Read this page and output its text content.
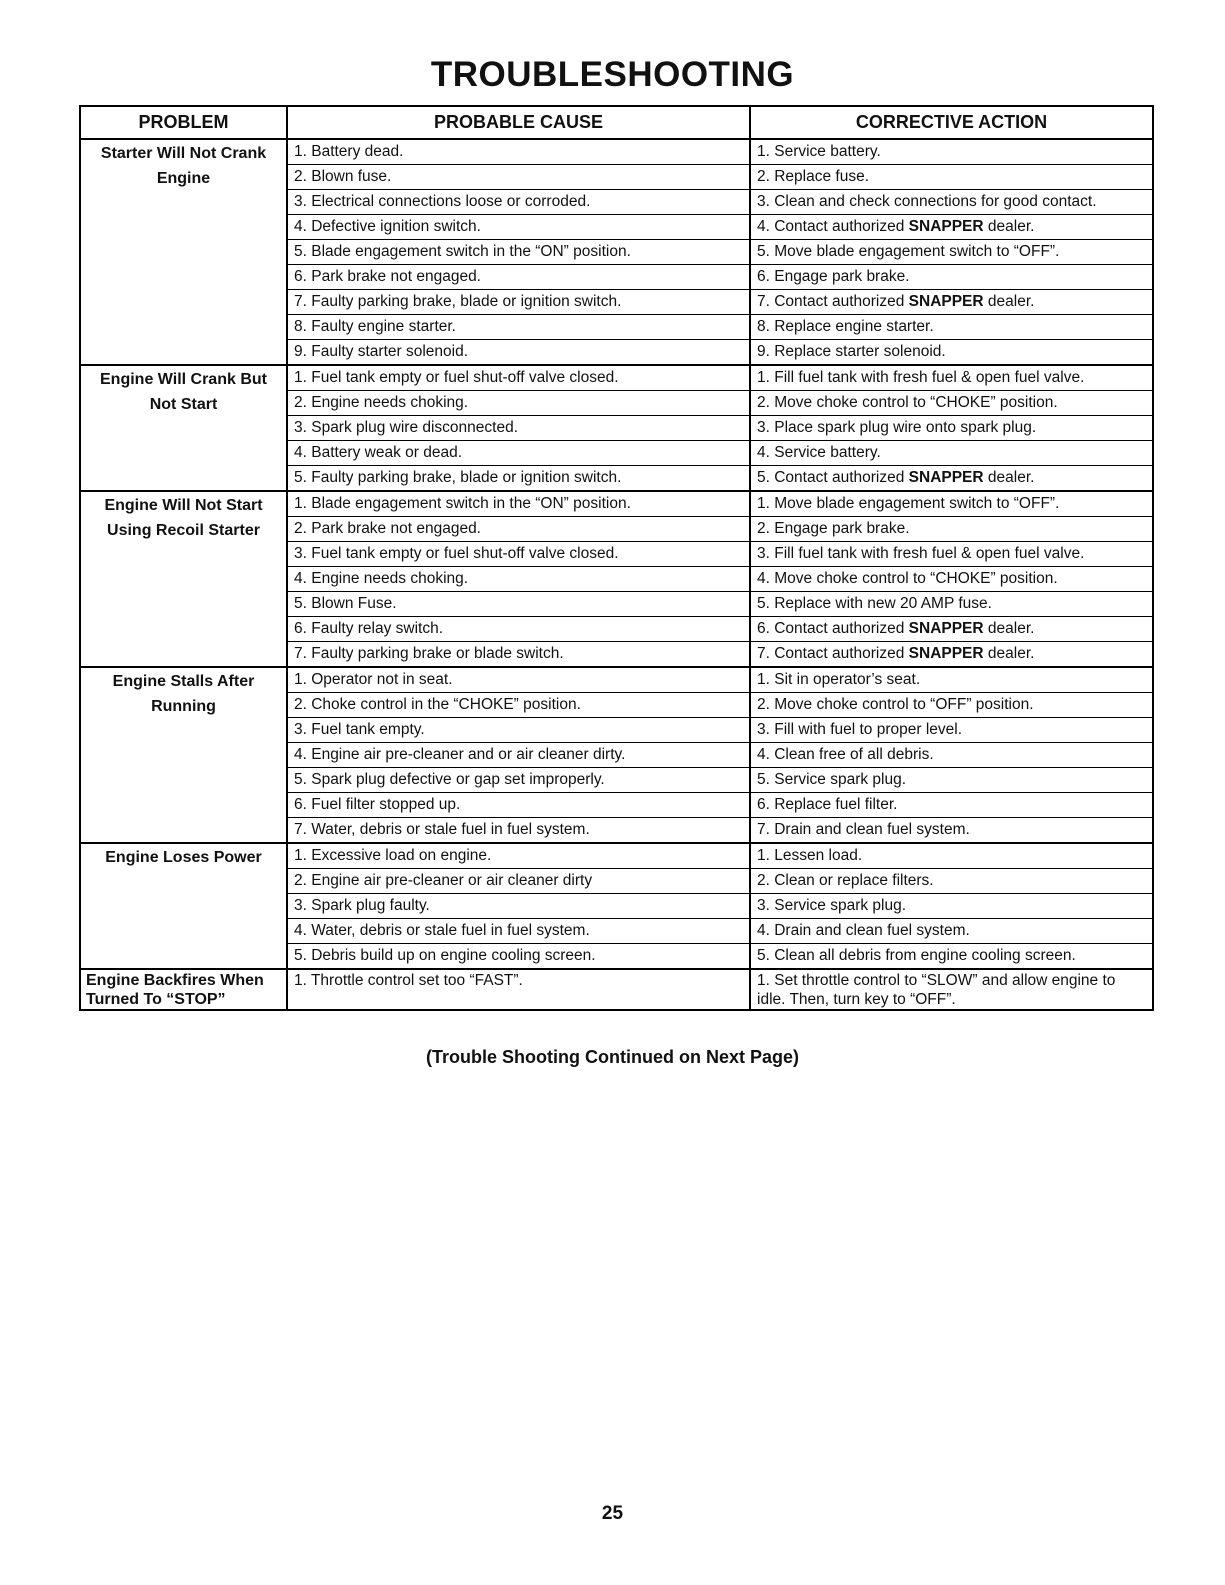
TROUBLESHOOTING
PROBLEM	PROBABLE CAUSE	CORRECTIVE ACTION

Starter Will Not Crank
Engine	1. Battery dead.	1. Service battery.
	2. Blown fuse.	2. Replace fuse.
	3. Electrical connections loose or corroded.	3. Clean and check connections for good contact.
	4. Defective ignition switch.	4. Contact authorized SNAPPER dealer.
	5. Blade engagement switch in the “ON” position.	5. Move blade engagement switch to “OFF”.
	6. Park brake not engaged.	6. Engage park brake.
	7. Faulty parking brake, blade or ignition switch.	7. Contact authorized SNAPPER dealer.
	8. Faulty engine starter.	8. Replace engine starter.
	9. Faulty starter solenoid.	9. Replace starter solenoid.

Engine Will Crank But
Not Start	1. Fuel tank empty or fuel shut-off valve closed.	1. Fill fuel tank with fresh fuel & open fuel valve.
	2. Engine needs choking.	2. Move choke control to “CHOKE” position.
	3. Spark plug wire disconnected.	3. Place spark plug wire onto spark plug.
	4. Battery weak or dead.	4. Service battery.
	5. Faulty parking brake, blade or ignition switch.	5. Contact authorized SNAPPER dealer.

Engine Will Not Start
Using Recoil Starter	1. Blade engagement switch in the “ON” position.	1. Move blade engagement switch to “OFF”.
	2. Park brake not engaged.	2. Engage park brake.
	3. Fuel tank empty or fuel shut-off valve closed.	3. Fill fuel tank with fresh fuel & open fuel valve.
	4. Engine needs choking.	4. Move choke control to “CHOKE” position.
	5. Blown Fuse.	5. Replace with new 20 AMP fuse.
	6. Faulty relay switch.	6. Contact authorized SNAPPER dealer.
	7. Faulty parking brake or blade switch.	7. Contact authorized SNAPPER dealer.

Engine Stalls After
Running	1. Operator not in seat.	1. Sit in operator’s seat.
	2. Choke control in the “CHOKE” position.	2. Move choke control to “OFF” position.
	3. Fuel tank empty.	3. Fill with fuel to proper level.
	4. Engine air pre-cleaner and or air cleaner dirty.	4. Clean free of all debris.
	5. Spark plug defective or gap set improperly.	5. Service spark plug.
	6. Fuel filter stopped up.	6. Replace fuel filter.
	7. Water, debris or stale fuel in fuel system.	7. Drain and clean fuel system.

Engine Loses Power	1. Excessive load on engine.	1. Lessen load.
	2. Engine air pre-cleaner or air cleaner dirty	2. Clean or replace filters.
	3. Spark plug faulty.	3. Service spark plug.
	4. Water, debris or stale fuel in fuel system.	4. Drain and clean fuel system.
	5. Debris build up on engine cooling screen.	5. Clean all debris from engine cooling screen.

Engine Backfires When
Turned To “STOP”	1. Throttle control set too “FAST”.	1. Set throttle control to “SLOW” and allow engine to idle. Then, turn key to “OFF”.
(Trouble Shooting Continued on Next Page)
25
